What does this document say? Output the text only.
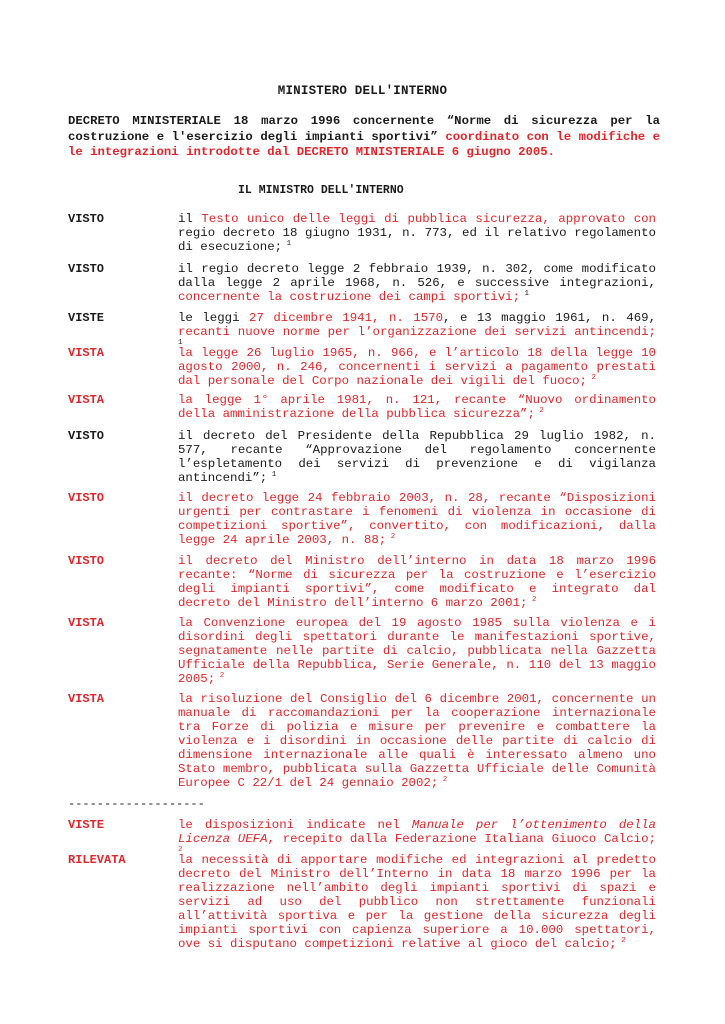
MINISTERO DELL'INTERNO
DECRETO MINISTERIALE 18 marzo 1996 concernente “Norme di sicurezza per la costruzione e l'esercizio degli impianti sportivi” coordinato con le modifiche e le integrazioni introdotte dal DECRETO MINISTERIALE 6 giugno 2005.
IL MINISTRO DELL'INTERNO
VISTO	il Testo unico delle leggi di pubblica sicurezza, approvato con regio decreto 18 giugno 1931, n. 773, ed il relativo regolamento di esecuzione; $^1$
VISTO	il regio decreto legge 2 febbraio 1939, n. 302, come modificato dalla legge 2 aprile 1968, n. 526, e successive integrazioni, concernente la costruzione dei campi sportivi; $^1$
VISTE	le leggi 27 dicembre 1941, n. 1570, e 13 maggio 1961, n. 469, recanti nuove norme per l’organizzazione dei servizi antincendi; $^1$
VISTA	la legge 26 luglio 1965, n. 966, e l’articolo 18 della legge 10 agosto 2000, n. 246, concernenti i servizi a pagamento prestati dal personale del Corpo nazionale dei vigili del fuoco; $^2$
VISTA	la legge 1° aprile 1981, n. 121, recante “Nuovo ordinamento della amministrazione della pubblica sicurezza”; $^2$
VISTO	il decreto del Presidente della Repubblica 29 luglio 1982, n. 577, recante “Approvazione del regolamento concernente l’espletamento dei servizi di prevenzione e di vigilanza antincendi”; $^1$
VISTO	il decreto legge 24 febbraio 2003, n. 28, recante “Disposizioni urgenti per contrastare i fenomeni di violenza in occasione di competizioni sportive”, convertito, con modificazioni, dalla legge 24 aprile 2003, n. 88; $^2$
VISTO	il decreto del Ministro dell’interno in data 18 marzo 1996 recante: “Norme di sicurezza per la costruzione e l’esercizio degli impianti sportivi”, come modificato e integrato dal decreto del Ministro dell’interno 6 marzo 2001; $^2$
VISTA	la Convenzione europea del 19 agosto 1985 sulla violenza e i disordini degli spettatori durante le manifestazioni sportive, segnatamente nelle partite di calcio, pubblicata nella Gazzetta Ufficiale della Repubblica, Serie Generale, n. 110 del 13 maggio 2005; $^2$
VISTA	la risoluzione del Consiglio del 6 dicembre 2001, concernente un manuale di raccomandazioni per la cooperazione internazionale tra Forze di polizia e misure per prevenire e combattere la violenza e i disordini in occasione delle partite di calcio di dimensione internazionale alle quali è interessato almeno uno Stato membro, pubblicata sulla Gazzetta Ufficiale delle Comunità Europee C 22/1 del 24 gennaio 2002; $^2$
VISTE	le disposizioni indicate nel Manuale per l’ottenimento della Licenza UEFA, recepito dalla Federazione Italiana Giuoco Calcio; $^2$
RILEVATA	la necessità di apportare modifiche ed integrazioni al predetto decreto del Ministro dell’Interno in data 18 marzo 1996 per la realizzazione nell’ambito degli impianti sportivi di spazi e servizi ad uso del pubblico non strettamente funzionali all’attività sportiva e per la gestione della sicurezza degli impianti sportivi con capienza superiore a 10.000 spettatori, ove si disputano competizioni relative al gioco del calcio; $^2$
-------------------
